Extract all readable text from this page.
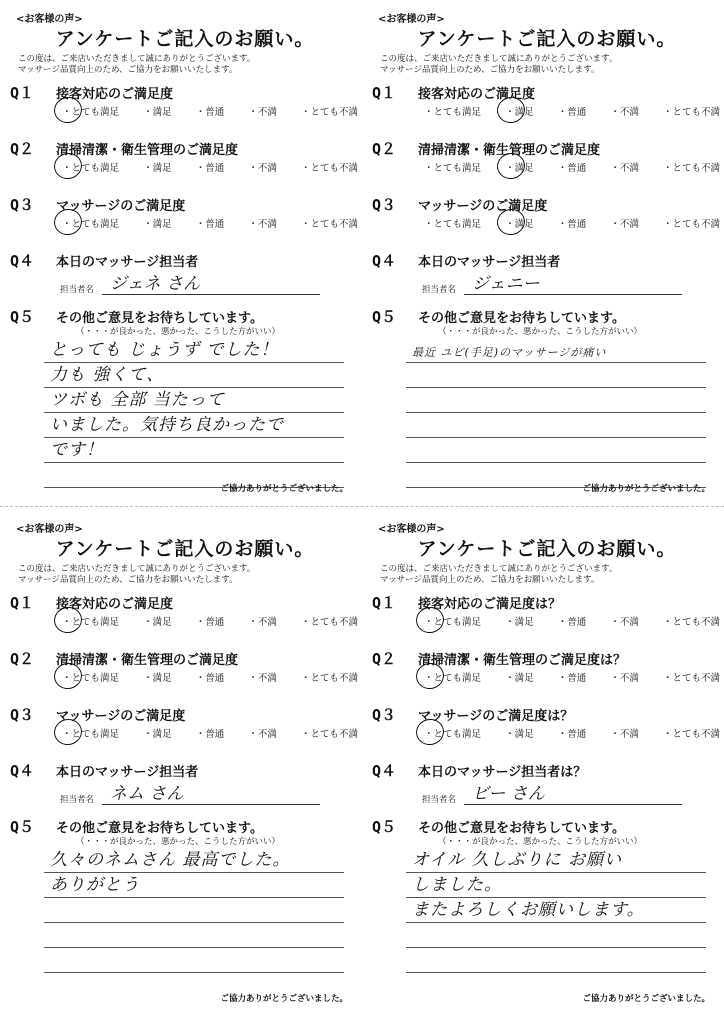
<お客様の声>
アンケートご記入のお願い。
この度は、ご来店いただきまして誠にありがとうございます。
マッサージ品質向上のため、ご協力をお願いいたします。
Q１ 接客対応のご満足度
・とても満足	・満足	・普通	・不満	・とても不満
Q２ 清掃清潔・衛生管理のご満足度
・とても満足	・満足	・普通	・不満	・とても不満
Q３ マッサージのご満足度
・とても満足	・満足	・普通	・不満	・とても不満
Q４ 本日のマッサージ担当者
担当者名 ジェネ さん
Q５ その他ご意見をお待ちしています。
（・・・が良かった、悪かった、こうした方がいい）
とっても じょうず でした！
力も 強くて、
ツボも 全部 当たって
いました。気持ち良かったで
です！
ご協力ありがとうございました。
<お客様の声>
アンケートご記入のお願い。
この度は、ご来店いただきまして誠にありがとうございます。
マッサージ品質向上のため、ご協力をお願いいたします。
Q１ 接客対応のご満足度
・とても満足	・満足	・普通	・不満	・とても不満
Q２ 清掃清潔・衛生管理のご満足度
・とても満足	・満足	・普通	・不満	・とても不満
Q３ マッサージのご満足度
・とても満足	・満足	・普通	・不満	・とても不満
Q４ 本日のマッサージ担当者
担当者名 ジェニー
Q５ その他ご意見をお待ちしています。
（・・・が良かった、悪かった、こうした方がいい）
最近 ユビ(手足)のマッサージが痛い
ご協力ありがとうございました。
<お客様の声>
アンケートご記入のお願い。
この度は、ご来店いただきまして誠にありがとうございます。
マッサージ品質向上のため、ご協力をお願いいたします。
Q１ 接客対応のご満足度
・とても満足	・満足	・普通	・不満	・とても不満
Q２ 清掃清潔・衛生管理のご満足度
・とても満足	・満足	・普通	・不満	・とても不満
Q３ マッサージのご満足度
・とても満足	・満足	・普通	・不満	・とても不満
Q４ 本日のマッサージ担当者
担当者名 ネム さん
Q５ その他ご意見をお待ちしています。
（・・・が良かった、悪かった、こうした方がいい）
久々のネムさん 最高でした。
ありがとう
ご協力ありがとうございました。
<お客様の声>
アンケートご記入のお願い。
この度は、ご来店いただきまして誠にありがとうございます。
マッサージ品質向上のため、ご協力をお願いいたします。
Q１ 接客対応のご満足度は？
・とても満足	・満足	・普通	・不満	・とても不満
Q２ 清掃清潔・衛生管理のご満足度は？
・とても満足	・満足	・普通	・不満	・とても不満
Q３ マッサージのご満足度は？
・とても満足	・満足	・普通	・不満	・とても不満
Q４ 本日のマッサージ担当者は？
担当者名 ビー さん
Q５ その他ご意見をお待ちしています。
（・・・が良かった、悪かった、こうした方がいい）
オイル 久しぶりに お願い
しました。
またよろしくお願いします。
ご協力ありがとうございました。
